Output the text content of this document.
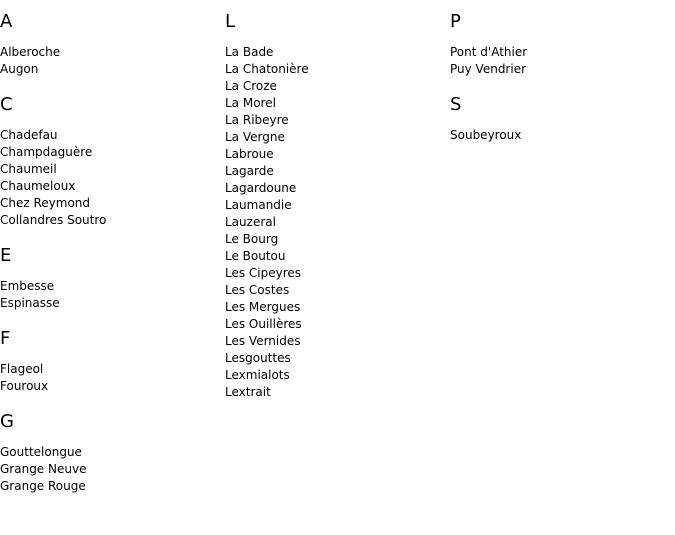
A
Alberoche
Augon
C
Chadefau
Champdaguère
Chaumeil
Chaumeloux
Chez Reymond
Collandres Soutro
E
Embesse
Espinasse
F
Flageol
Fouroux
G
Gouttelongue
Grange Neuve
Grange Rouge
L
La Bade
La Chatonière
La Croze
La Morel
La Ribeyre
La Vergne
Labroue
Lagarde
Lagardoune
Laumandie
Lauzeral
Le Bourg
Le Boutou
Les Cipeyres
Les Costes
Les Mergues
Les Ouillères
Les Vernides
Lesgouttes
Lexmialots
Lextrait
P
Pont d'Athier
Puy Vendrier
S
Soubeyroux
